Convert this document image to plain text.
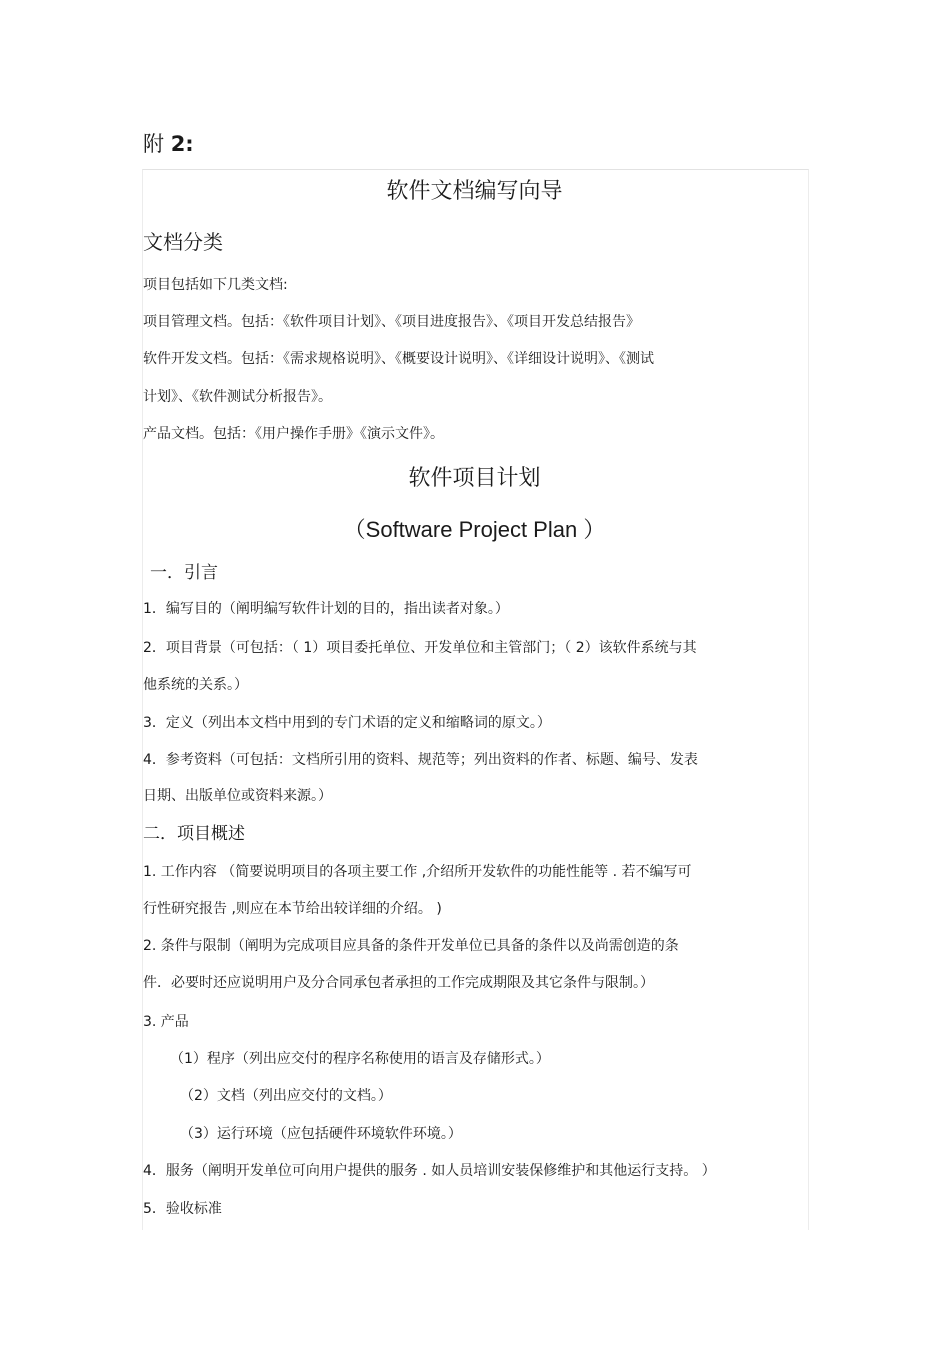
附 2:
软件文档编写向导
文档分类
项目包括如下几类文档:
项目管理文档。包括：《软件项目计划》、《项目进度报告》、《项目开发总结报告》
软件开发文档。包括：《需求规格说明》、《概要设计说明》、《详细设计说明》、《测试
计划》、《软件测试分析报告》。
产品文档。包括：《用户操作手册》《演示文件》。
软件项目计划
（Software Project Plan ）
一．引言
1．编写目的（阐明编写软件计划的目的，指出读者对象。）
2．项目背景（可包括：（ 1）项目委托单位、开发单位和主管部门；（ 2）该软件系统与其
他系统的关系。）
3．定义（列出本文档中用到的专门术语的定义和缩略词的原文。）
4．参考资料（可包括：文档所引用的资料、规范等；列出资料的作者、标题、编号、发表
日期、出版单位或资料来源。）
二．项目概述
1. 工作内容 （简要说明项目的各项主要工作 ,介绍所开发软件的功能性能等 . 若不编写可
行性研究报告 ,则应在本节给出较详细的介绍。 )
2. 条件与限制（阐明为完成项目应具备的条件开发单位已具备的条件以及尚需创造的条
件．必要时还应说明用户及分合同承包者承担的工作完成期限及其它条件与限制。）
3. 产品
（1）程序（列出应交付的程序名称使用的语言及存储形式。）
（2）文档（列出应交付的文档。）
（3）运行环境（应包括硬件环境软件环境。）
4．服务（阐明开发单位可向用户提供的服务 . 如人员培训安装保修维护和其他运行支持。 ）
5．验收标准
